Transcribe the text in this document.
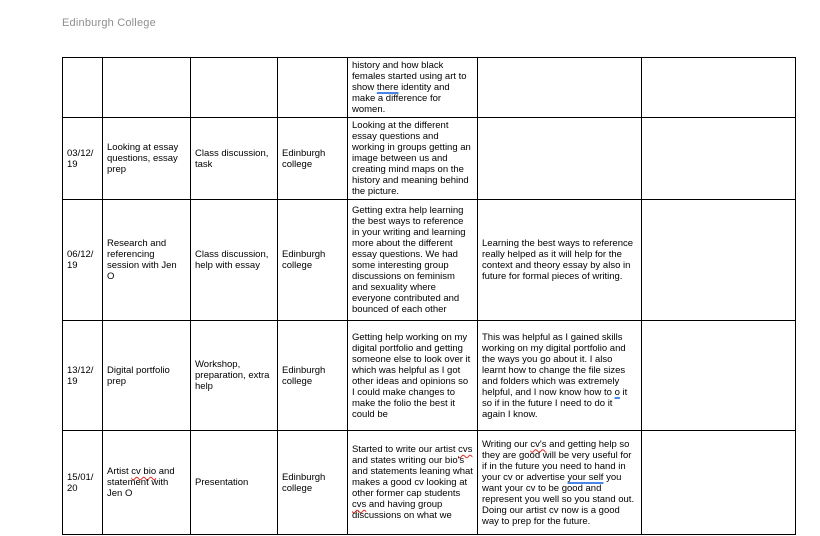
Edinburgh College
				history and how black females started using art to show there identity and make a difference for women.		
03/12/19	Looking at essay questions, essay prep	Class discussion, task	Edinburgh college	Looking at the different essay questions and working in groups getting an image between us and creating mind maps on the history and meaning behind the picture.		
06/12/19	Research and referencing session with Jen O	Class discussion, help with essay	Edinburgh college	Getting extra help learning the best ways to reference in your writing and learning more about the different essay questions. We had some interesting group discussions on feminism and sexuality where everyone contributed and bounced of each other	Learning the best ways to reference really helped as it will help for the context and theory essay by also in future for formal pieces of writing.	
13/12/19	Digital portfolio prep	Workshop, preparation, extra help	Edinburgh college	Getting help working on my digital portfolio and getting someone else to look over it which was helpful as I got other ideas and opinions so I could make changes to make the folio the best it could be	This was helpful as I gained skills working on my digital portfolio and the ways you go about it. I also learnt how to change the file sizes and folders which was extremely helpful, and I now know how to o it so if in the future I need to do it again I know.	
15/01/20	Artist cv bio and statement with Jen O	Presentation	Edinburgh college	Started to write our artist cvs and states writing our bio's and statements leaning what makes a good cv looking at other former cap students cvs and having group discussions on what we	Writing our cv's and getting help so they are good will be very useful for if in the future you need to hand in your cv or advertise your self you want your cv to be good and represent you well so you stand out. Doing our artist cv now is a good way to prep for the future.	
